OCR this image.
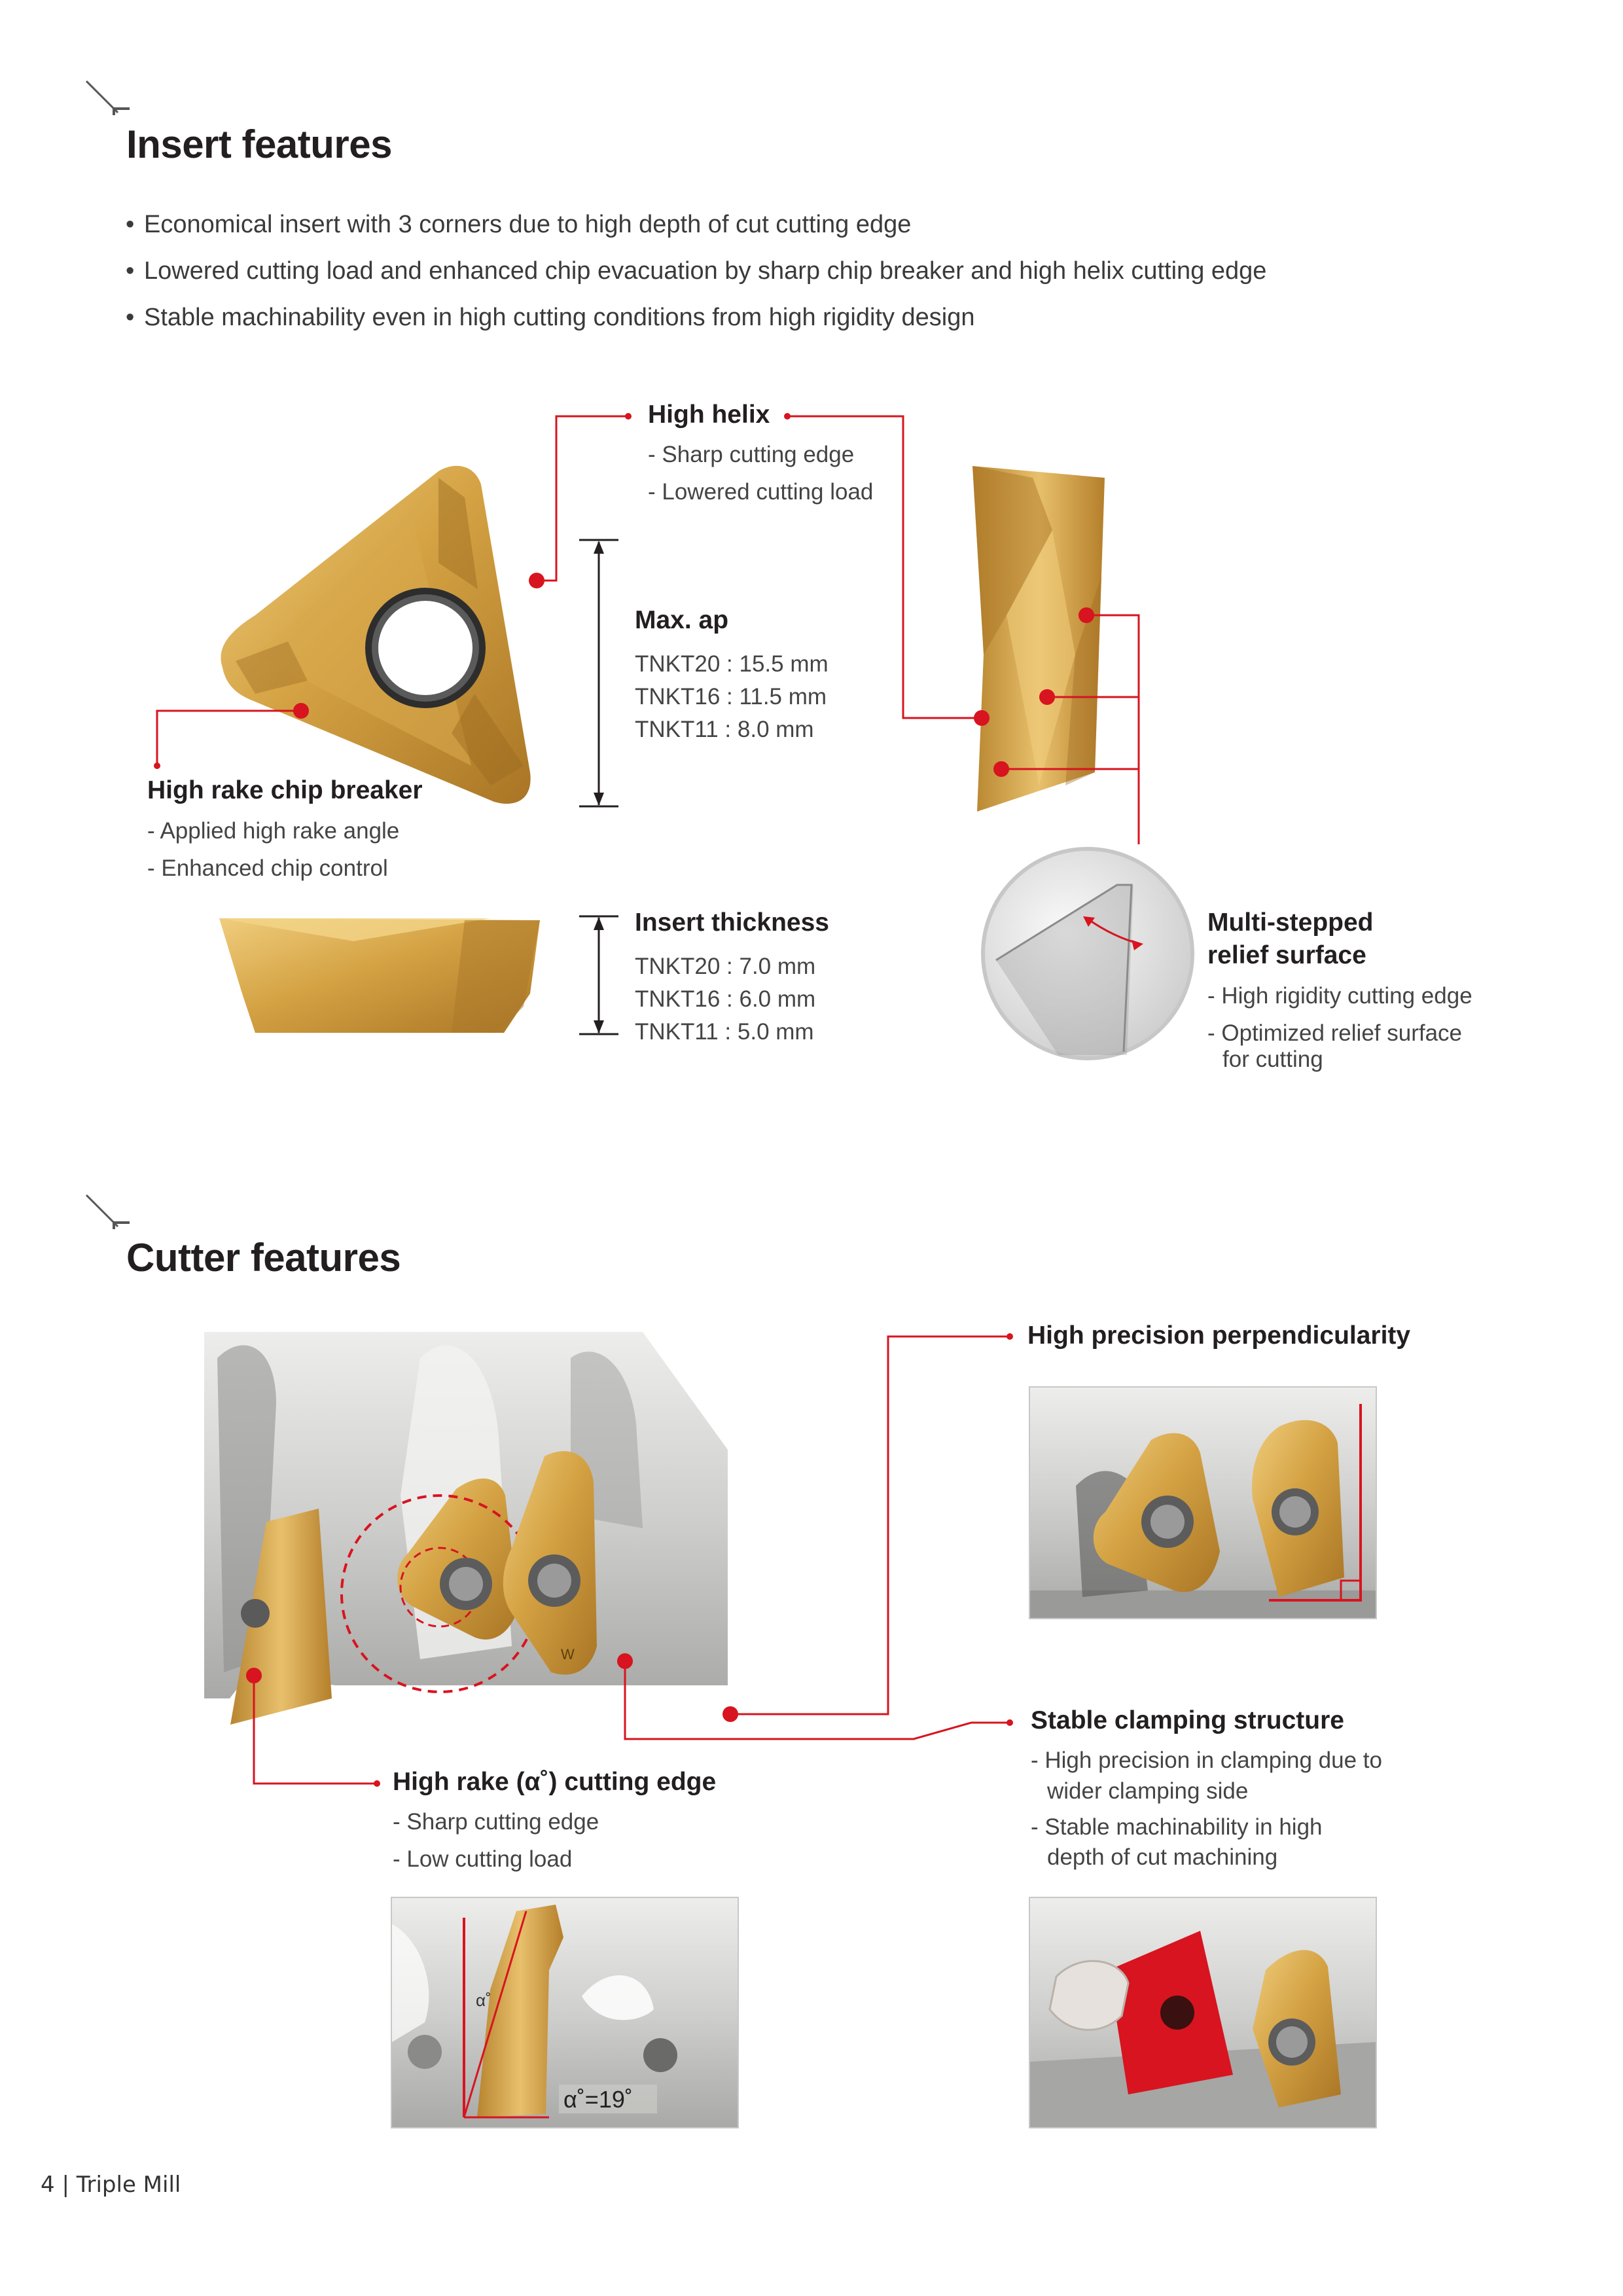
Insert features
• Economical insert with 3 corners due to high depth of cut cutting edge
• Lowered cutting load and enhanced chip evacuation by sharp chip breaker and high helix cutting edge
• Stable machinability even in high cutting conditions from high rigidity design
High helix
- Sharp cutting edge
- Lowered cutting load
Max. ap
TNKT20 : 15.5 mm
TNKT16 : 11.5 mm
TNKT11 : 8.0 mm
High rake chip breaker
- Applied high rake angle
- Enhanced chip control
Insert thickness
TNKT20 : 7.0 mm
TNKT16 : 6.0 mm
TNKT11 : 5.0 mm
Multi-stepped
relief surface
- High rigidity cutting edge
- Optimized relief surface
for cutting
Cutter features
W
High precision perpendicularity
Stable clamping structure
- High precision in clamping due to
wider clamping side
- Stable machinability in high
depth of cut machining
High rake (α˚) cutting edge
- Sharp cutting edge
- Low cutting load
α˚
α˚=19˚
4 | Triple Mill
